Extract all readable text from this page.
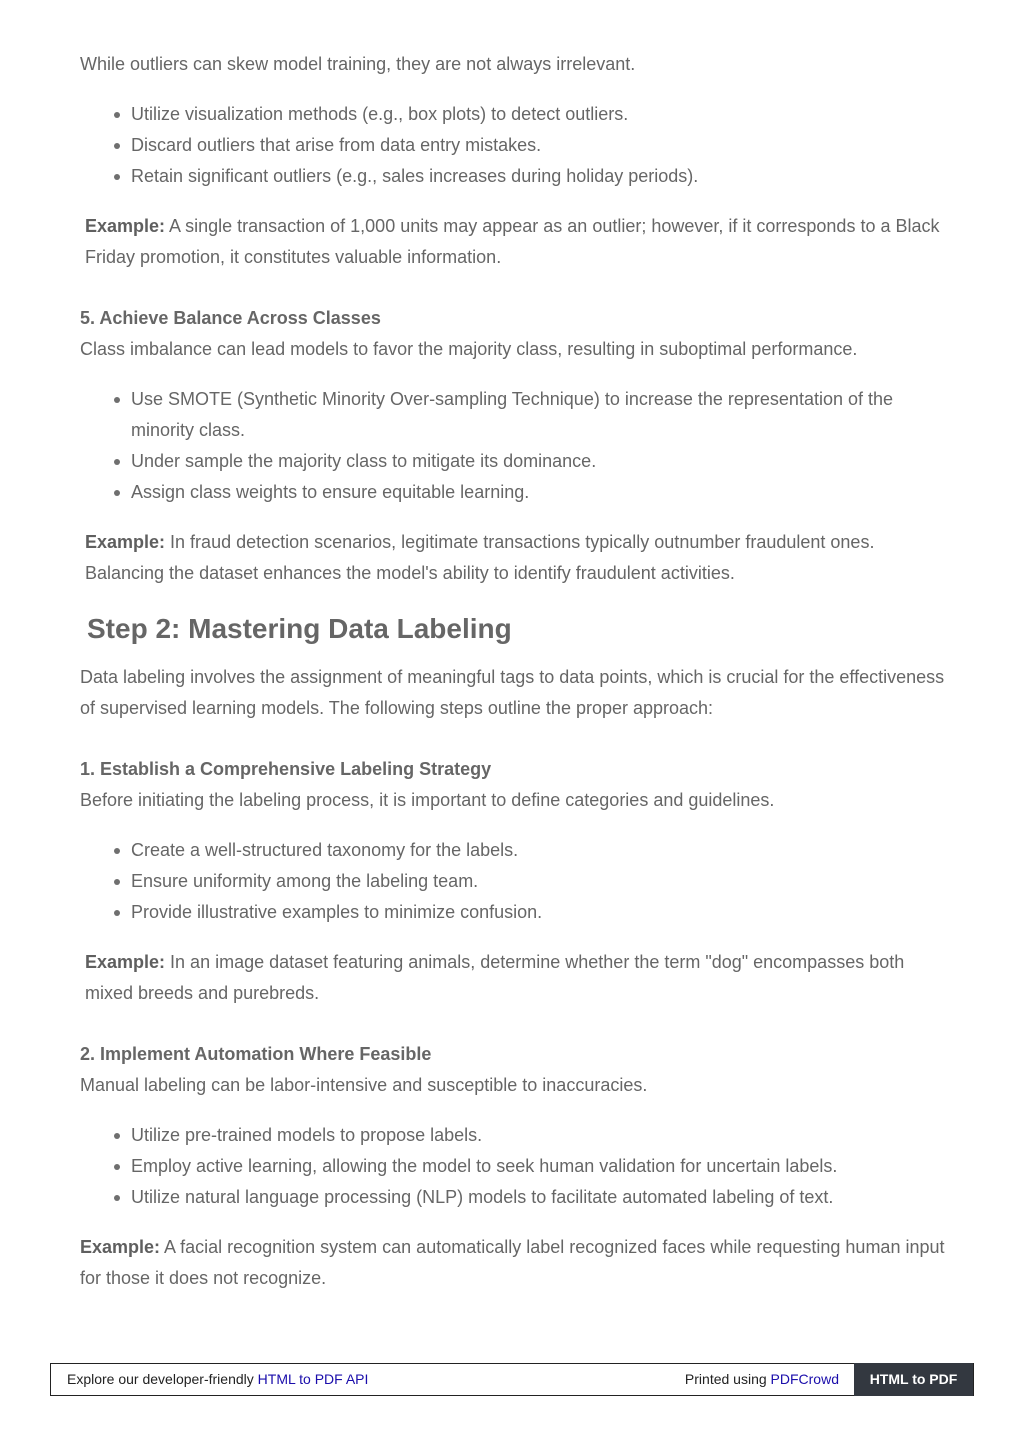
While outliers can skew model training, they are not always irrelevant.

Utilize visualization methods (e.g., box plots) to detect outliers.
Discard outliers that arise from data entry mistakes.
Retain significant outliers (e.g., sales increases during holiday periods).

Example: A single transaction of 1,000 units may appear as an outlier; however, if it corresponds to a Black Friday promotion, it constitutes valuable information.

5. Achieve Balance Across Classes

Class imbalance can lead models to favor the majority class, resulting in suboptimal performance.

Use SMOTE (Synthetic Minority Over-sampling Technique) to increase the representation of the minority class.
Under sample the majority class to mitigate its dominance.
Assign class weights to ensure equitable learning.

Example: In fraud detection scenarios, legitimate transactions typically outnumber fraudulent ones. Balancing the dataset enhances the model's ability to identify fraudulent activities.

Step 2: Mastering Data Labeling

Data labeling involves the assignment of meaningful tags to data points, which is crucial for the effectiveness of supervised learning models. The following steps outline the proper approach:

1. Establish a Comprehensive Labeling Strategy

Before initiating the labeling process, it is important to define categories and guidelines.

Create a well-structured taxonomy for the labels.
Ensure uniformity among the labeling team.
Provide illustrative examples to minimize confusion.

Example: In an image dataset featuring animals, determine whether the term "dog" encompasses both mixed breeds and purebreds.

2. Implement Automation Where Feasible

Manual labeling can be labor-intensive and susceptible to inaccuracies.

Utilize pre-trained models to propose labels.
Employ active learning, allowing the model to seek human validation for uncertain labels.
Utilize natural language processing (NLP) models to facilitate automated labeling of text.

Example: A facial recognition system can automatically label recognized faces while requesting human input for those it does not recognize.

Explore our developer-friendly HTML to PDF API	Printed using PDFCrowd	HTML to PDF
